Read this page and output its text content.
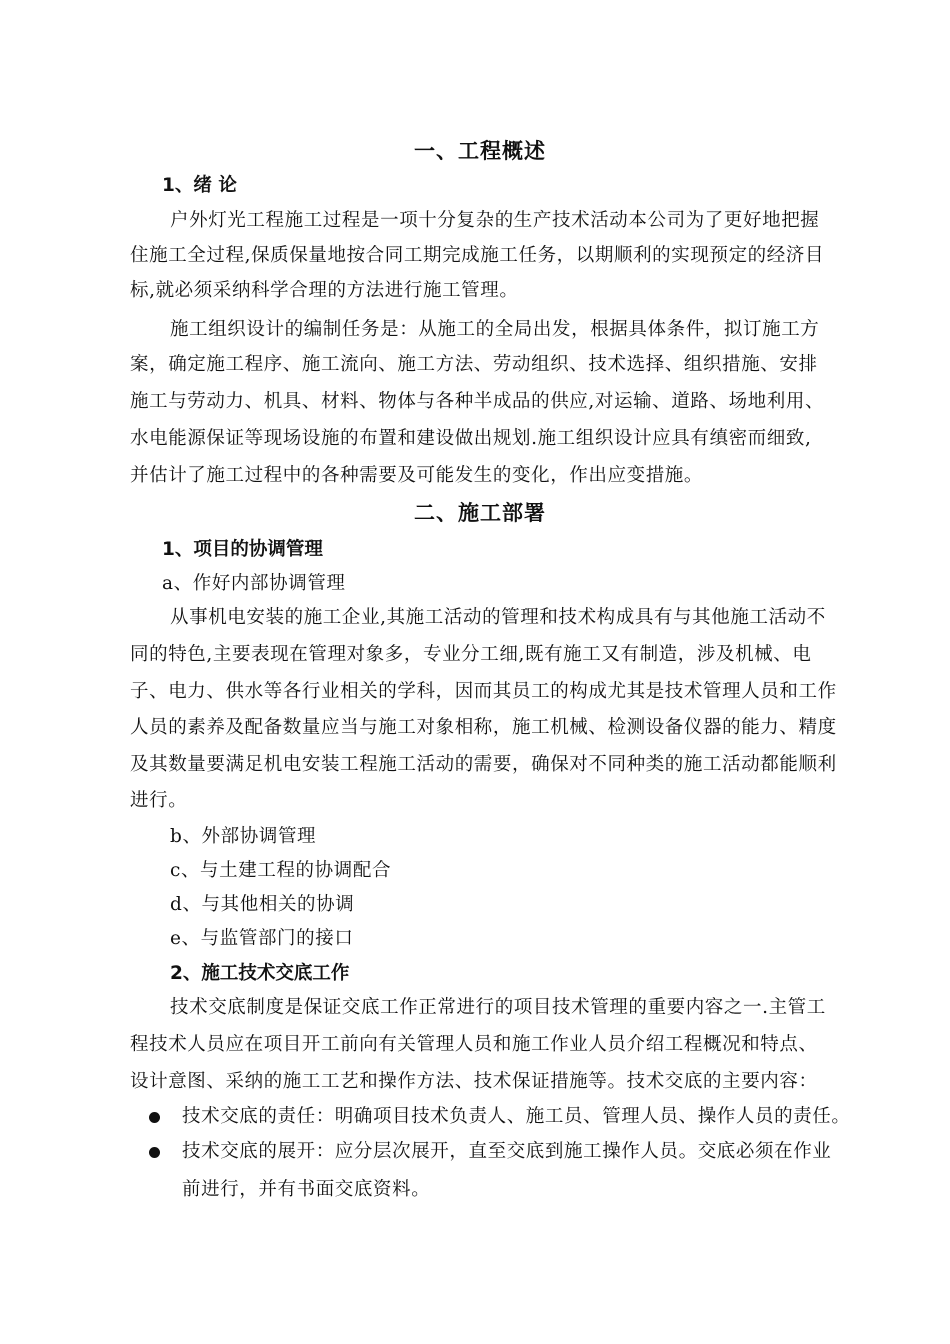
一、工程概述
1、绪 论
户外灯光工程施工过程是一项十分复杂的生产技术活动本公司为了更好地把握
住施工全过程,保质保量地按合同工期完成施工任务，以期顺利的实现预定的经济目
标,就必须采纳科学合理的方法进行施工管理。
施工组织设计的编制任务是：从施工的全局出发，根据具体条件，拟订施工方
案，确定施工程序、施工流向、施工方法、劳动组织、技术选择、组织措施、安排
施工与劳动力、机具、材料、物体与各种半成品的供应,对运输、道路、场地利用、
水电能源保证等现场设施的布置和建设做出规划.施工组织设计应具有缜密而细致,
并估计了施工过程中的各种需要及可能发生的变化，作出应变措施。
二、施工部署
1、项目的协调管理
a、作好内部协调管理
从事机电安装的施工企业,其施工活动的管理和技术构成具有与其他施工活动不
同的特色,主要表现在管理对象多，专业分工细,既有施工又有制造，涉及机械、电
子、电力、供水等各行业相关的学科，因而其员工的构成尤其是技术管理人员和工作
人员的素养及配备数量应当与施工对象相称，施工机械、检测设备仪器的能力、精度
及其数量要满足机电安装工程施工活动的需要，确保对不同种类的施工活动都能顺利
进行。
b、外部协调管理
c、与土建工程的协调配合
d、与其他相关的协调
e、与监管部门的接口
2、施工技术交底工作
技术交底制度是保证交底工作正常进行的项目技术管理的重要内容之一.主管工
程技术人员应在项目开工前向有关管理人员和施工作业人员介绍工程概况和特点、
设计意图、采纳的施工工艺和操作方法、技术保证措施等。技术交底的主要内容：
技术交底的责任：明确项目技术负责人、施工员、管理人员、操作人员的责任。
技术交底的展开：应分层次展开，直至交底到施工操作人员。交底必须在作业
前进行，并有书面交底资料。
